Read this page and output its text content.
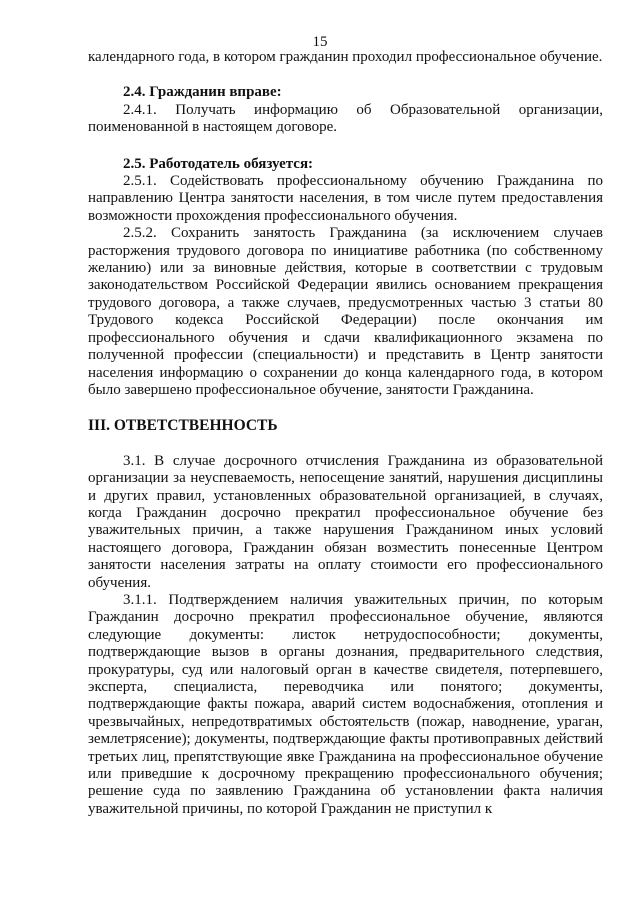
15

календарного года, в котором гражданин проходил профессиональное обучение.

2.4. Гражданин вправе:

2.4.1. Получать информацию об Образовательной организации, поименованной в настоящем договоре.

2.5. Работодатель обязуется:

2.5.1. Содействовать профессиональному обучению Гражданина по направлению Центра занятости населения, в том числе путем предоставления возможности прохождения профессионального обучения.

2.5.2. Сохранить занятость Гражданина (за исключением случаев расторжения трудового договора по инициативе работника (по собственному желанию) или за виновные действия, которые в соответствии с трудовым законодательством Российской Федерации явились основанием прекращения трудового договора, а также случаев, предусмотренных частью 3 статьи 80 Трудового кодекса Российской Федерации) после окончания им профессионального обучения и сдачи квалификационного экзамена по полученной профессии (специальности) и представить в Центр занятости населения информацию о сохранении до конца календарного года, в котором было завершено профессиональное обучение, занятости Гражданина.

III. ОТВЕТСТВЕННОСТЬ

3.1. В случае досрочного отчисления Гражданина из образовательной организации за неуспеваемость, непосещение занятий, нарушения дисциплины и других правил, установленных образовательной организацией, в случаях, когда Гражданин досрочно прекратил профессиональное обучение без уважительных причин, а также нарушения Гражданином иных условий настоящего договора, Гражданин обязан возместить понесенные Центром занятости населения затраты на оплату стоимости его профессионального обучения.

3.1.1. Подтверждением наличия уважительных причин, по которым Гражданин досрочно прекратил профессиональное обучение, являются следующие документы: листок нетрудоспособности; документы, подтверждающие вызов в органы дознания, предварительного следствия, прокуратуры, суд или налоговый орган в качестве свидетеля, потерпевшего, эксперта, специалиста, переводчика или понятого; документы, подтверждающие факты пожара, аварий систем водоснабжения, отопления и чрезвычайных, непредотвратимых обстоятельств (пожар, наводнение, ураган, землетрясение); документы, подтверждающие факты противоправных действий третьих лиц, препятствующие явке Гражданина на профессиональное обучение или приведшие к досрочному прекращению профессионального обучения; решение суда по заявлению Гражданина об установлении факта наличия уважительной причины, по которой Гражданин не приступил к
